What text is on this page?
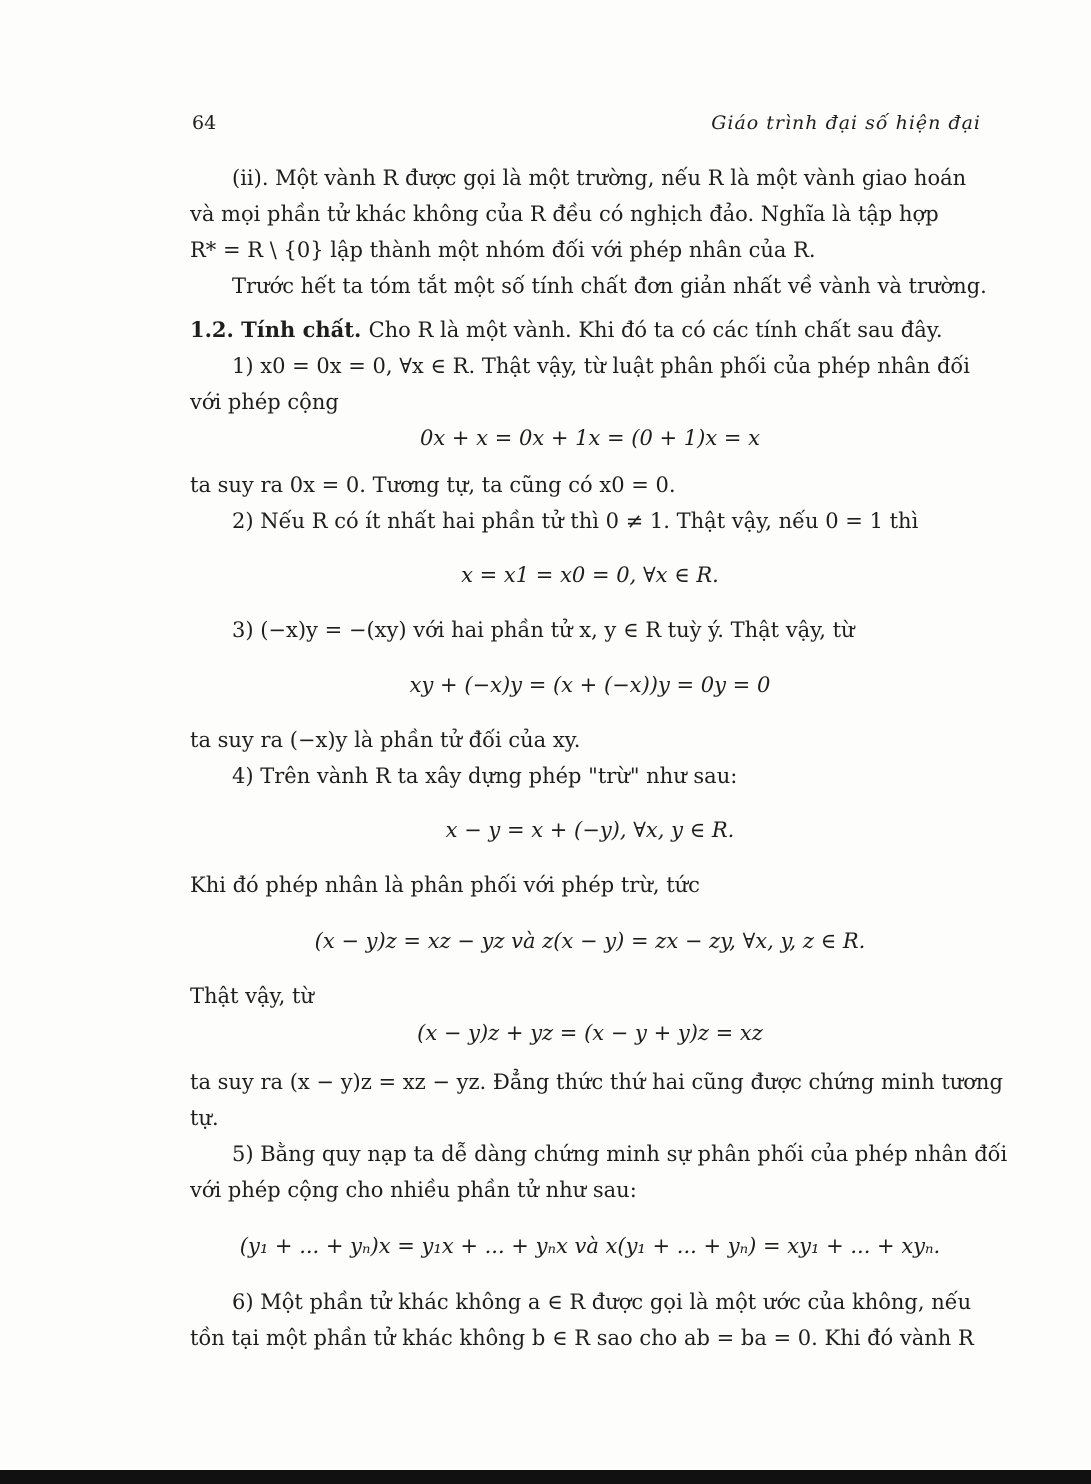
64	Giáo trình đại số hiện đại
(ii). Một vành R được gọi là một trường, nếu R là một vành giao hoán
và mọi phần tử khác không của R đều có nghịch đảo. Nghĩa là tập hợp
R* = R \ {0} lập thành một nhóm đối với phép nhân của R.
Trước hết ta tóm tắt một số tính chất đơn giản nhất về vành và trường.
1.2. Tính chất. Cho R là một vành. Khi đó ta có các tính chất sau đây.
1) x0 = 0x = 0, ∀x ∈ R. Thật vậy, từ luật phân phối của phép nhân đối
với phép cộng
0x + x = 0x + 1x = (0 + 1)x = x
ta suy ra 0x = 0. Tương tự, ta cũng có x0 = 0.
2) Nếu R có ít nhất hai phần tử thì 0 ≠ 1. Thật vậy, nếu 0 = 1 thì
x = x1 = x0 = 0, ∀x ∈ R.
3) (−x)y = −(xy) với hai phần tử x, y ∈ R tuỳ ý. Thật vậy, từ
xy + (−x)y = (x + (−x))y = 0y = 0
ta suy ra (−x)y là phần tử đối của xy.
4) Trên vành R ta xây dựng phép "trừ" như sau:
x − y = x + (−y), ∀x, y ∈ R.
Khi đó phép nhân là phân phối với phép trừ, tức
(x − y)z = xz − yz và z(x − y) = zx − zy, ∀x, y, z ∈ R.
Thật vậy, từ
(x − y)z + yz = (x − y + y)z = xz
ta suy ra (x − y)z = xz − yz. Đẳng thức thứ hai cũng được chứng minh tương
tự.
5) Bằng quy nạp ta dễ dàng chứng minh sự phân phối của phép nhân đối
với phép cộng cho nhiều phần tử như sau:
(y₁ + ... + yₙ)x = y₁x + ... + yₙx và x(y₁ + ... + yₙ) = xy₁ + ... + xyₙ.
6) Một phần tử khác không a ∈ R được gọi là một ước của không, nếu
tồn tại một phần tử khác không b ∈ R sao cho ab = ba = 0. Khi đó vành R
